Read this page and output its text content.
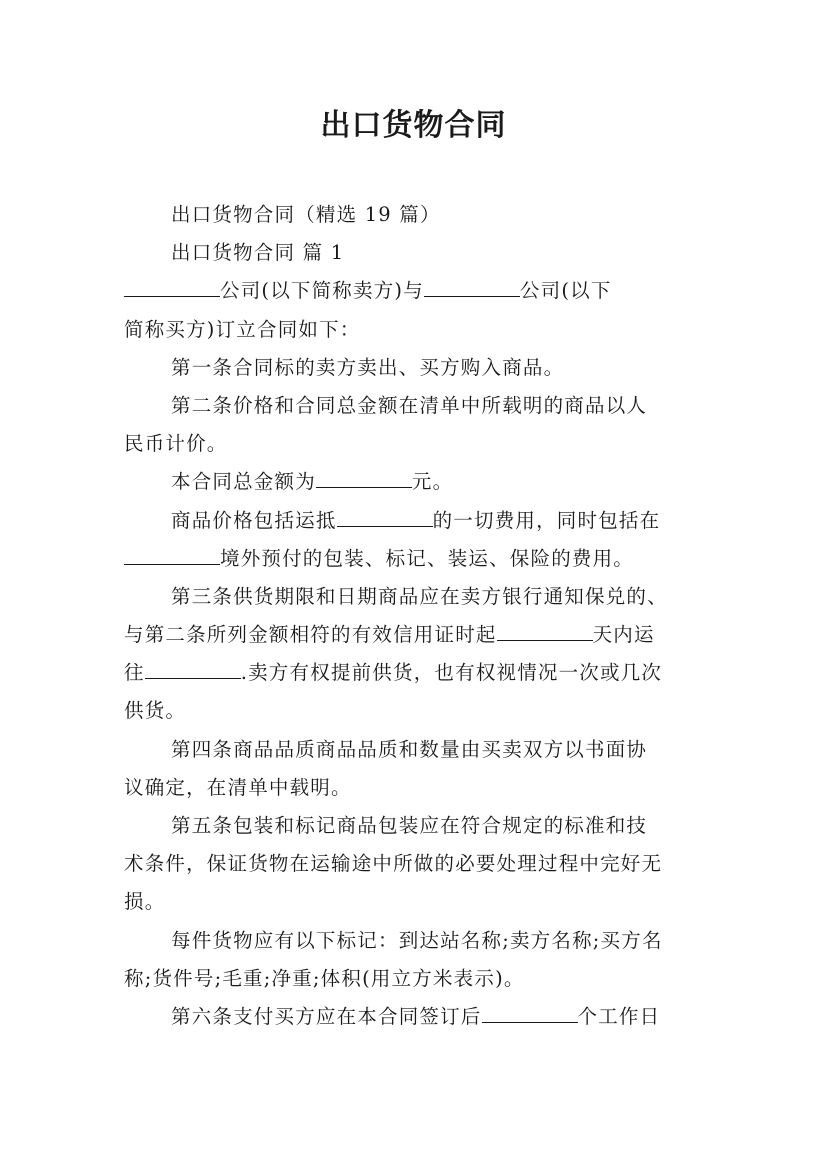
出口货物合同
出口货物合同（精选 19 篇）
出口货物合同 篇 1
公司(以下简称卖方)与	公司(以下
简称买方)订立合同如下：
第一条合同标的卖方卖出、买方购入商品。
第二条价格和合同总金额在清单中所载明的商品以人
民币计价。
本合同总金额为	元。
商品价格包括运抵	的一切费用，同时包括在
境外预付的包装、标记、装运、保险的费用。
第三条供货期限和日期商品应在卖方银行通知保兑的、
与第二条所列金额相符的有效信用证时起	天内运
往	.卖方有权提前供货，也有权视情况一次或几次
供货。
第四条商品品质商品品质和数量由买卖双方以书面协
议确定，在清单中载明。
第五条包装和标记商品包装应在符合规定的标准和技
术条件，保证货物在运输途中所做的必要处理过程中完好无
损。
每件货物应有以下标记：到达站名称;卖方名称;买方名
称;货件号;毛重;净重;体积(用立方米表示)。
第六条支付买方应在本合同签订后	个工作日
